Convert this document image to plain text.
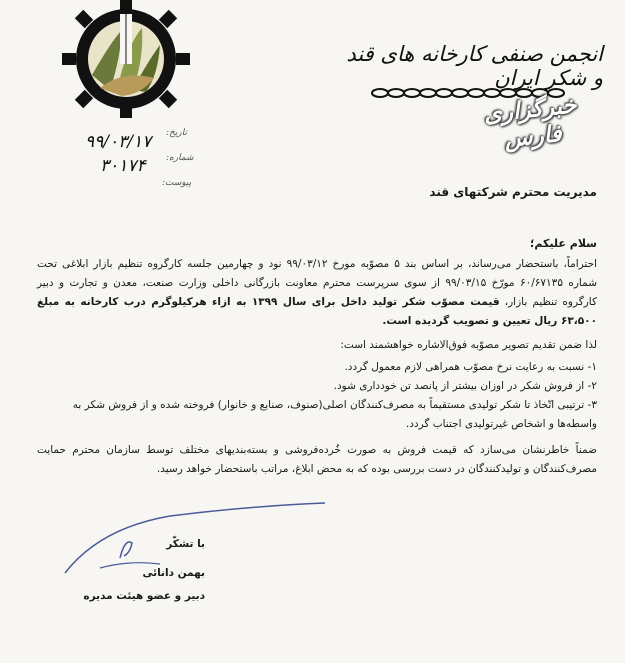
انجمن صنفی کارخانه های قند و شکر ایران
خبرگزاری فارس
تاریخ:
شماره:
پیوست:
۹۹/۰۳/۱۷
۳۰۱۷۴
مدیریت محترم شرکتهای قند
سلام علیکم؛
احتراماً، باستحضار می‌رساند، بر اساس بند ۵ مصوّبه مورخ ۹۹/۰۳/۱۲ نود و چهارمین جلسه کارگروه تنظیم بازار ابلاغی تحت شماره ۶۰/۶۷۱۳۵ مورّخ ۹۹/۰۳/۱۵ از سوی سرپرست محترم معاونت بازرگانی داخلی وزارت صنعت، معدن و تجارت و دبیر کارگروه تنظیم بازار، قیمت مصوّب شکر تولید داخل برای سال ۱۳۹۹ به ازاء هرکیلوگرم درب کارخانه به مبلغ ۶۳،۵۰۰ ریال تعیین و تصویب گردیده است.
لذا ضمن تقدیم تصویر مصوّبه فوق‌الاشاره خواهشمند است:
۱- نسبت به رعایت نرخ مصوّب همراهی لازم معمول گردد.
۲- از فروش شکر در اوزان بیشتر از پانصد تن خودداری شود.
۳- ترتیبی اتّخاذ تا شکر تولیدی مستقیماً به مصرف‌کنندگان اصلی(صنوف، صنایع و خانوار) فروخته شده و از فروش شکر به واسطه‌ها و اشخاص غیرتولیدی اجتناب گردد.
ضمناً خاطرنشان می‌سازد که قیمت فروش به صورت خُرده‌فروشی و بسته‌بندیهای مختلف توسط سازمان محترم حمایت مصرف‌کنندگان و تولیدکنندگان در دست بررسی بوده که به محض ابلاغ، مراتب باستحضار خواهد رسید.
با تشکّر
بهمن دانائی
دبیر و عضو هیئت مدیره
